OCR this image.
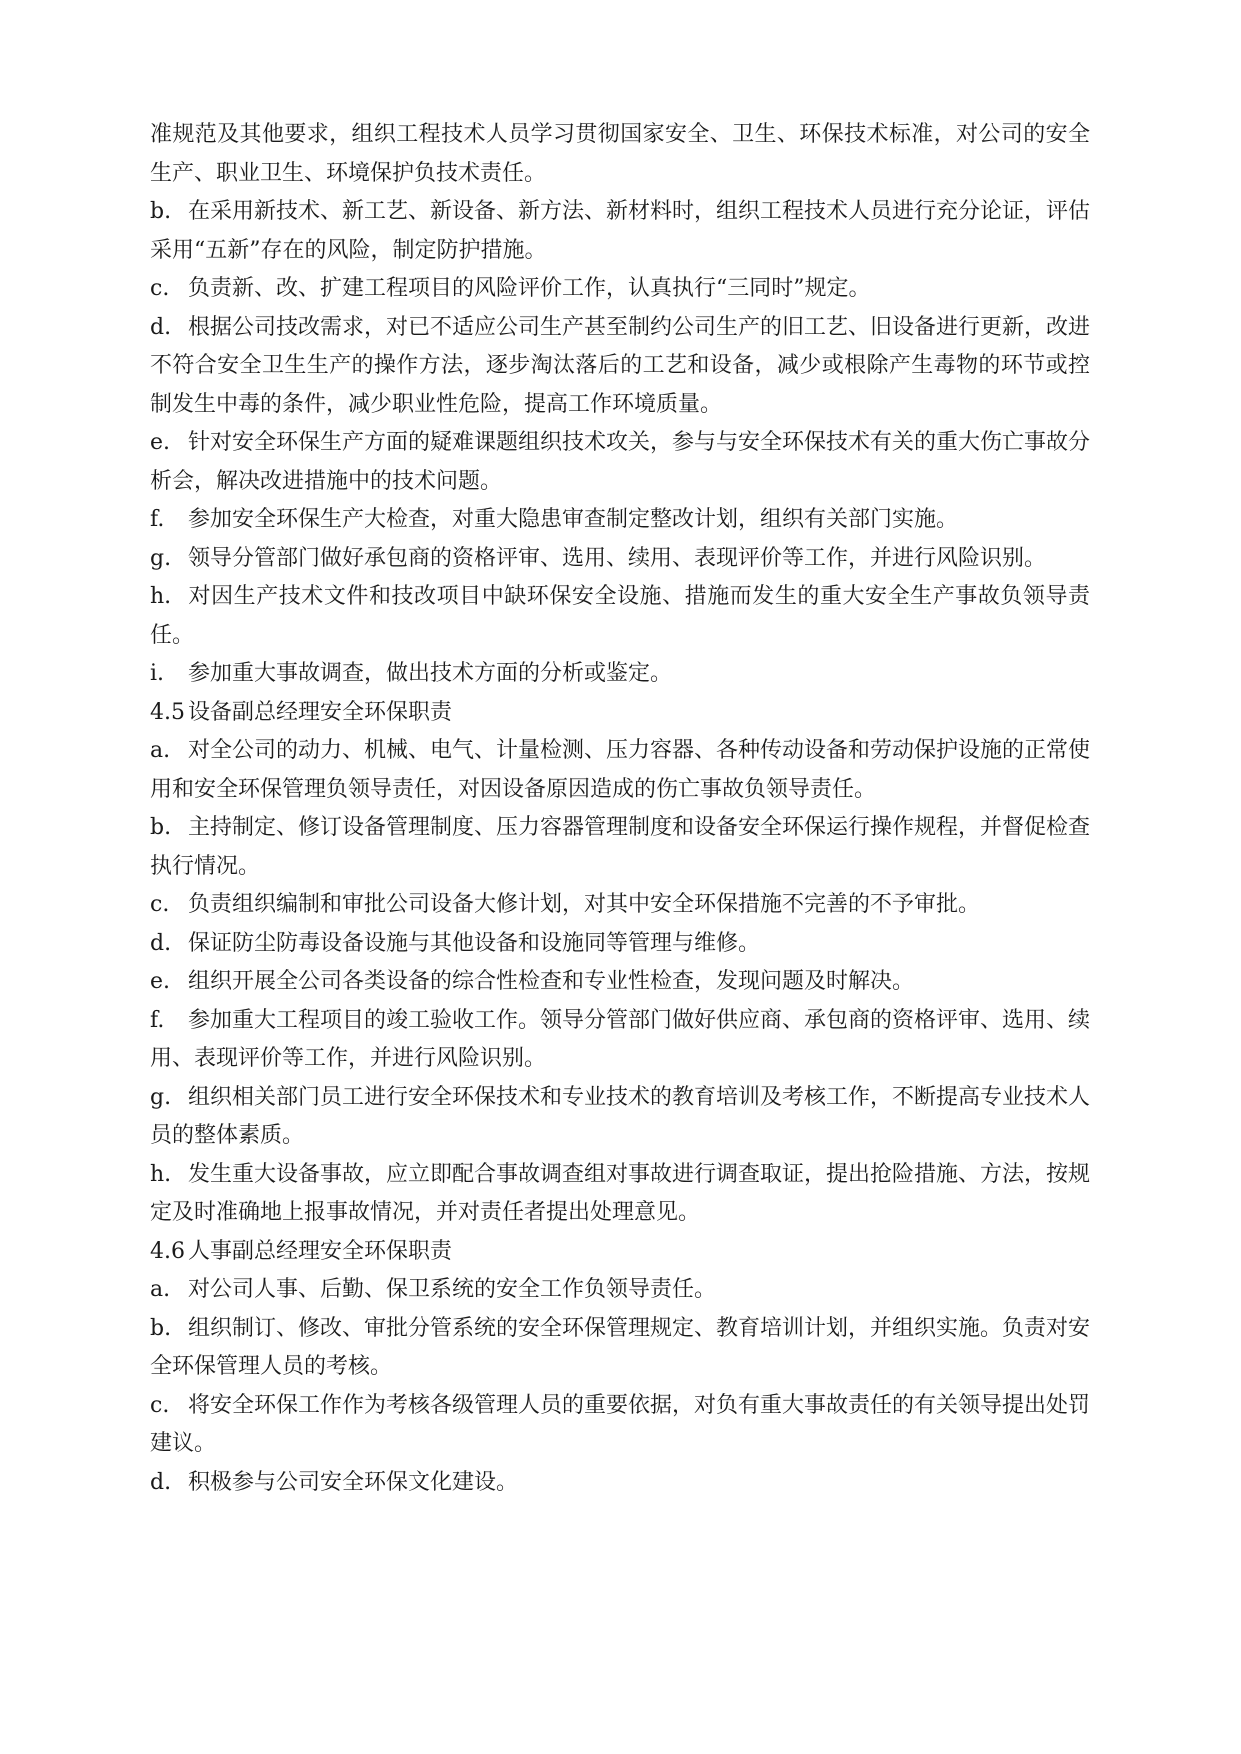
准规范及其他要求，组织工程技术人员学习贯彻国家安全、卫生、环保技术标准，对公司的安全生产、职业卫生、环境保护负技术责任。

b. 在采用新技术、新工艺、新设备、新方法、新材料时，组织工程技术人员进行充分论证，评估采用“五新”存在的风险，制定防护措施。

c. 负责新、改、扩建工程项目的风险评价工作，认真执行“三同时”规定。

d. 根据公司技改需求，对已不适应公司生产甚至制约公司生产的旧工艺、旧设备进行更新，改进不符合安全卫生生产的操作方法，逐步淘汰落后的工艺和设备，减少或根除产生毒物的环节或控制发生中毒的条件，减少职业性危险，提高工作环境质量。

e. 针对安全环保生产方面的疑难课题组织技术攻关，参与与安全环保技术有关的重大伤亡事故分析会，解决改进措施中的技术问题。

f. 参加安全环保生产大检查，对重大隐患审查制定整改计划，组织有关部门实施。

g. 领导分管部门做好承包商的资格评审、选用、续用、表现评价等工作，并进行风险识别。

h. 对因生产技术文件和技改项目中缺环保安全设施、措施而发生的重大安全生产事故负领导责任。

i. 参加重大事故调查，做出技术方面的分析或鉴定。

4.5 设备副总经理安全环保职责

a. 对全公司的动力、机械、电气、计量检测、压力容器、各种传动设备和劳动保护设施的正常使用和安全环保管理负领导责任，对因设备原因造成的伤亡事故负领导责任。

b. 主持制定、修订设备管理制度、压力容器管理制度和设备安全环保运行操作规程，并督促检查执行情况。

c. 负责组织编制和审批公司设备大修计划，对其中安全环保措施不完善的不予审批。

d. 保证防尘防毒设备设施与其他设备和设施同等管理与维修。

e. 组织开展全公司各类设备的综合性检查和专业性检查，发现问题及时解决。

f. 参加重大工程项目的竣工验收工作。领导分管部门做好供应商、承包商的资格评审、选用、续用、表现评价等工作，并进行风险识别。

g. 组织相关部门员工进行安全环保技术和专业技术的教育培训及考核工作，不断提高专业技术人员的整体素质。

h. 发生重大设备事故，应立即配合事故调查组对事故进行调查取证，提出抢险措施、方法，按规定及时准确地上报事故情况，并对责任者提出处理意见。

4.6 人事副总经理安全环保职责

a. 对公司人事、后勤、保卫系统的安全工作负领导责任。

b. 组织制订、修改、审批分管系统的安全环保管理规定、教育培训计划，并组织实施。负责对安全环保管理人员的考核。

c. 将安全环保工作作为考核各级管理人员的重要依据，对负有重大事故责任的有关领导提出处罚建议。

d. 积极参与公司安全环保文化建设。
